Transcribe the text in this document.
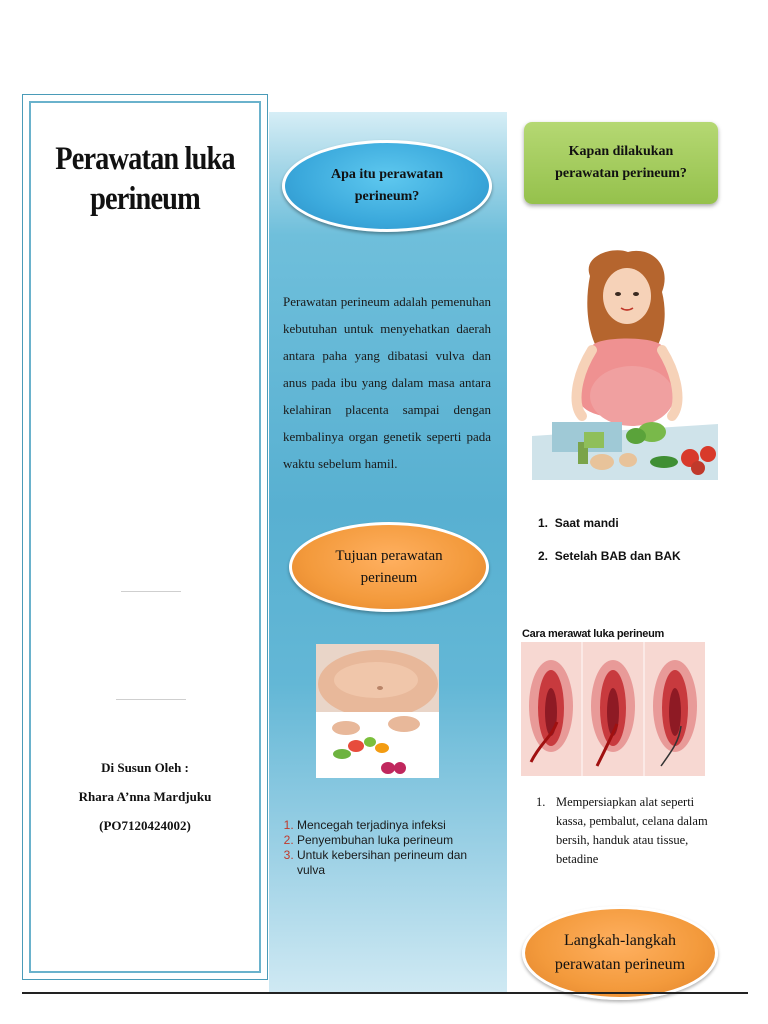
Perawatan luka
perineum
Di Susun Oleh :
Rhara A’nna Mardjuku
(PO7120424002)
Apa itu perawatan perineum?
Perawatan perineum adalah pemenuhan kebutuhan untuk menyehatkan daerah antara paha yang dibatasi vulva dan anus pada ibu yang dalam masa antara kelahiran placenta sampai dengan kembalinya organ genetik seperti pada waktu sebelum hamil.
Tujuan perawatan perineum
1. Mencegah terjadinya infeksi
2. Penyembuhan luka perineum
3. Untuk kebersihan perineum dan vulva
Kapan dilakukan perawatan perineum?
1.  Saat mandi
2.  Setelah BAB dan BAK
Cara merawat luka perineum
1. Mempersiapkan alat seperti kassa, pembalut, celana dalam bersih, handuk atau tissue, betadine
Langkah-langkah perawatan perineum
